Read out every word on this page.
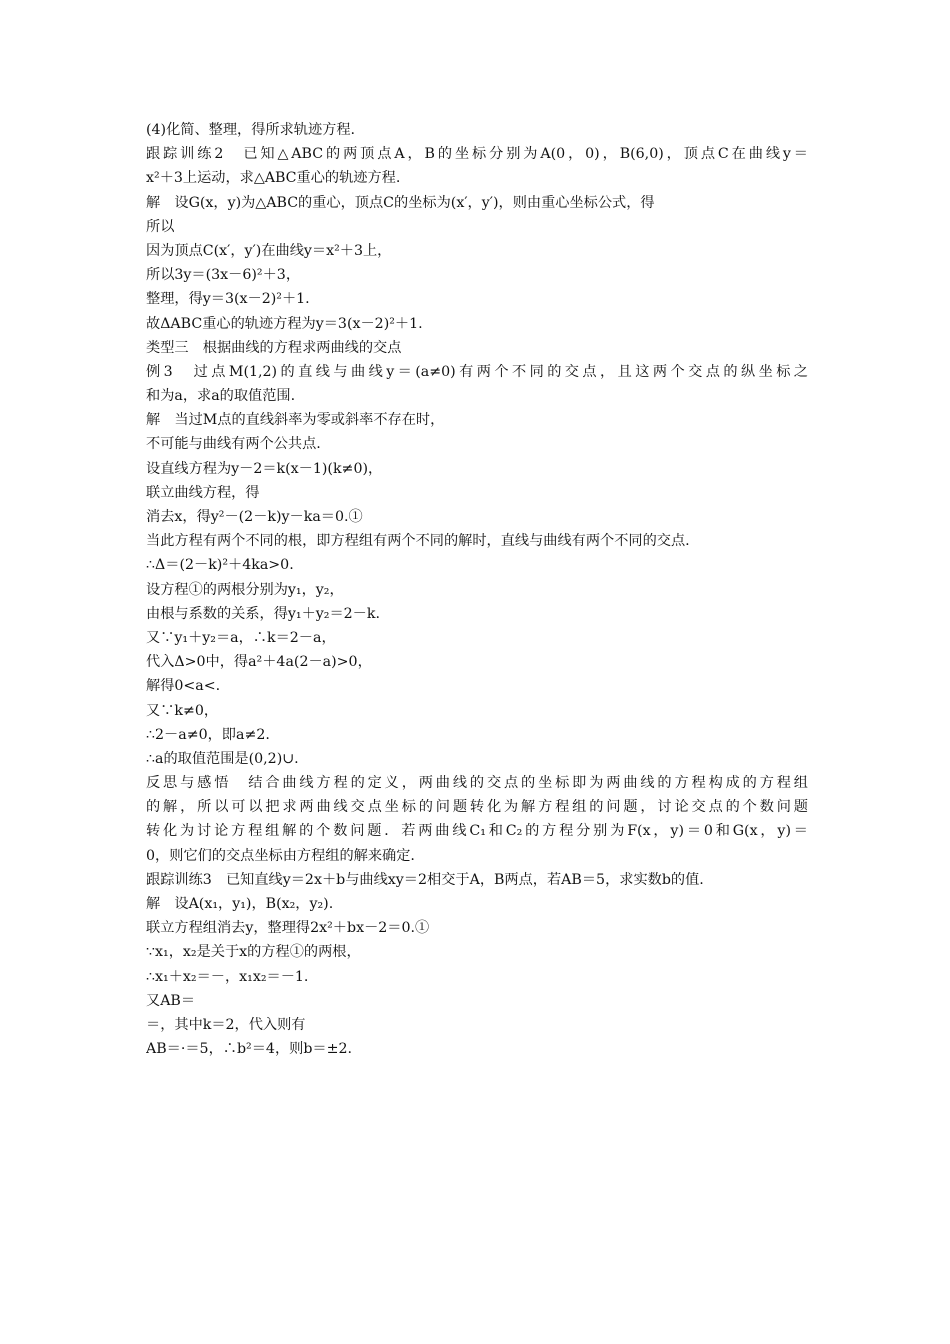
(4)化简、整理，得所求轨迹方程.
跟踪训练2　已知△ABC的两顶点A，B的坐标分别为A(0，0)，B(6,0)，顶点C在曲线y＝
x²＋3上运动，求△ABC重心的轨迹方程.
解　设G(x，y)为△ABC的重心，顶点C的坐标为(x′，y′)，则由重心坐标公式，得
所以
因为顶点C(x′，y′)在曲线y＝x²＋3上，
所以3y＝(3x－6)²＋3，
整理，得y＝3(x－2)²＋1.
故ΔABC重心的轨迹方程为y＝3(x－2)²＋1.
类型三　根据曲线的方程求两曲线的交点
例3　过点M(1,2)的直线与曲线y＝(a≠0)有两个不同的交点，且这两个交点的纵坐标之
和为a，求a的取值范围.
解　当过M点的直线斜率为零或斜率不存在时，
不可能与曲线有两个公共点.
设直线方程为y－2＝k(x－1)(k≠0)，
联立曲线方程，得
消去x，得y²－(2－k)y－ka＝0.①
当此方程有两个不同的根，即方程组有两个不同的解时，直线与曲线有两个不同的交点.
∴Δ＝(2－k)²＋4ka>0.
设方程①的两根分别为y₁，y₂，
由根与系数的关系，得y₁＋y₂＝2－k.
又∵y₁＋y₂＝a，∴k＝2－a，
代入Δ>0中，得a²＋4a(2－a)>0，
解得0<a<.
又∵k≠0，
∴2－a≠0，即a≠2.
∴a的取值范围是(0,2)∪.
反思与感悟　结合曲线方程的定义，两曲线的交点的坐标即为两曲线的方程构成的方程组
的解，所以可以把求两曲线交点坐标的问题转化为解方程组的问题，讨论交点的个数问题
转化为讨论方程组解的个数问题．若两曲线C₁和C₂的方程分别为F(x，y)＝0和G(x，y)＝
0，则它们的交点坐标由方程组的解来确定.
跟踪训练3　已知直线y＝2x＋b与曲线xy＝2相交于A，B两点，若AB＝5，求实数b的值.
解　设A(x₁，y₁)，B(x₂，y₂).
联立方程组消去y，整理得2x²＋bx－2＝0.①
∵x₁，x₂是关于x的方程①的两根，
∴x₁＋x₂＝－，x₁x₂＝－1.
又AB＝
＝，其中k＝2，代入则有
AB＝·＝5，∴b²＝4，则b＝±2.
